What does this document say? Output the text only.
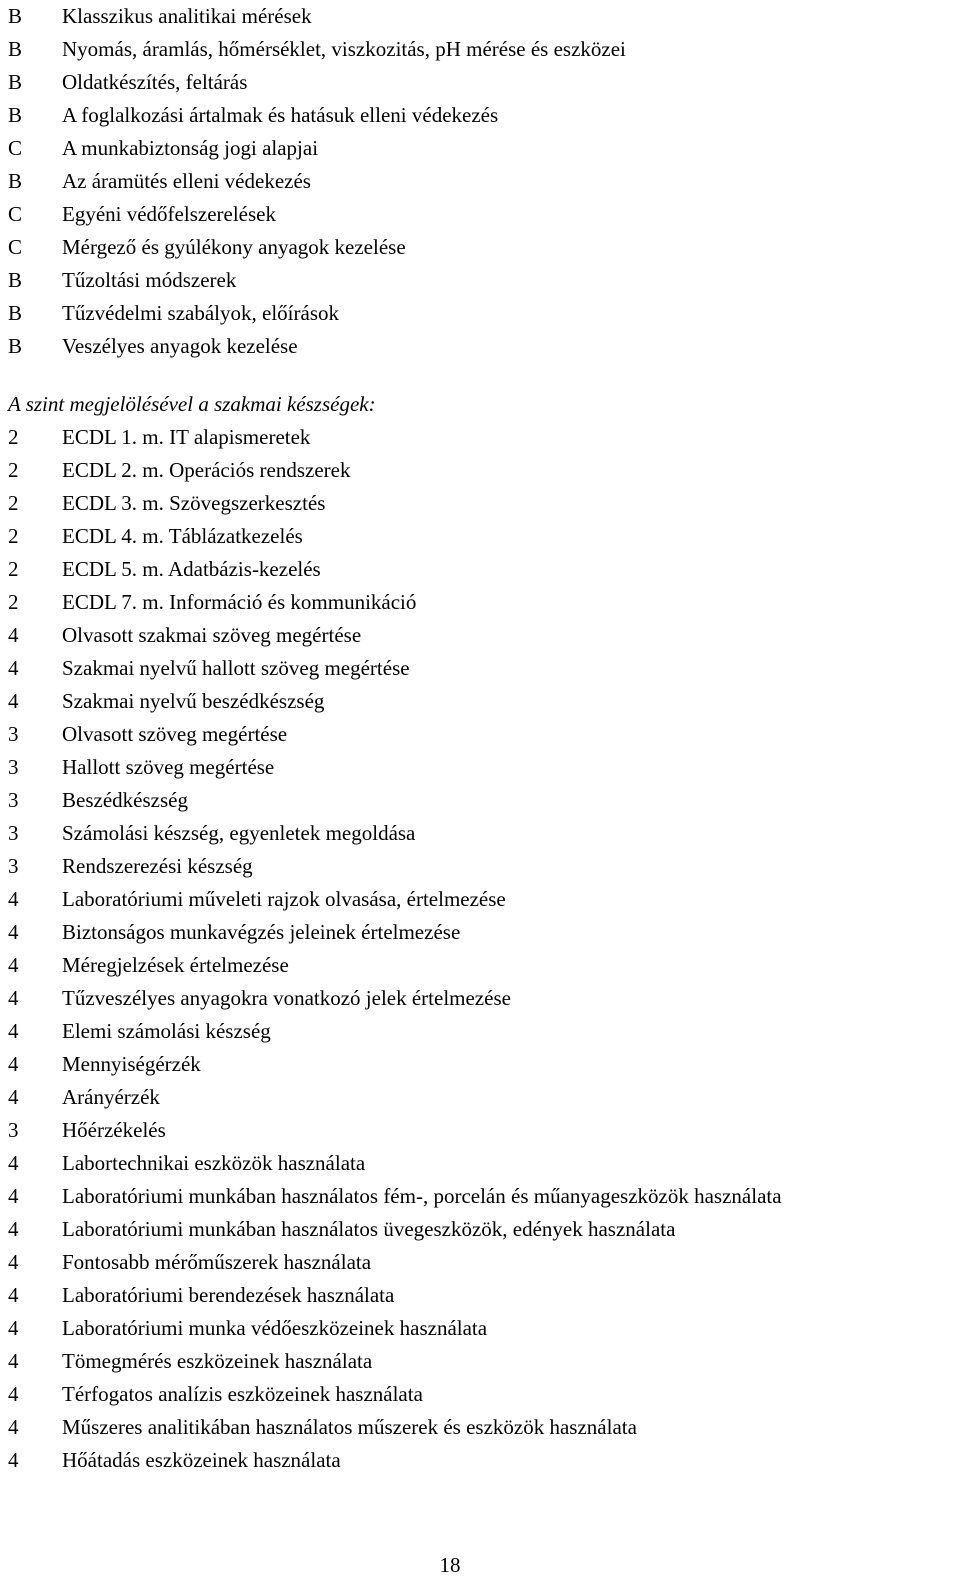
B	Klasszikus analitikai mérések
B	Nyomás, áramlás, hőmérséklet, viszkozitás, pH mérése és eszközei
B	Oldatkészítés, feltárás
B	A foglalkozási ártalmak és hatásuk elleni védekezés
C	A munkabiztonság jogi alapjai
B	Az áramütés elleni védekezés
C	Egyéni védőfelszerelések
C	Mérgező és gyúlékony anyagok kezelése
B	Tűzoltási módszerek
B	Tűzvédelmi szabályok, előírások
B	Veszélyes anyagok kezelése
A szint megjelölésével a szakmai készségek:
2	ECDL 1. m. IT alapismeretek
2	ECDL 2. m. Operációs rendszerek
2	ECDL 3. m. Szövegszerkesztés
2	ECDL 4. m. Táblázatkezelés
2	ECDL 5. m. Adatbázis-kezelés
2	ECDL 7. m. Információ és kommunikáció
4	Olvasott szakmai szöveg megértése
4	Szakmai nyelvű hallott szöveg megértése
4	Szakmai nyelvű beszédkészség
3	Olvasott szöveg megértése
3	Hallott szöveg megértése
3	Beszédkészség
3	Számolási készség, egyenletek megoldása
3	Rendszerezési készség
4	Laboratóriumi műveleti rajzok olvasása, értelmezése
4	Biztonságos munkavégzés jeleinek értelmezése
4	Méregjelzések értelmezése
4	Tűzveszélyes anyagokra vonatkozó jelek értelmezése
4	Elemi számolási készség
4	Mennyiségérzék
4	Arányérzék
3	Hőérzékelés
4	Labortechnikai eszközök használata
4	Laboratóriumi munkában használatos fém-, porcelán és műanyageszközök használata
4	Laboratóriumi munkában használatos üvegeszközök, edények használata
4	Fontosabb mérőműszerek használata
4	Laboratóriumi berendezések használata
4	Laboratóriumi munka védőeszközeinek használata
4	Tömegmérés eszközeinek használata
4	Térfogatos analízis eszközeinek használata
4	Műszeres analitikában használatos műszerek és eszközök használata
4	Hőátadás eszközeinek használata
18
